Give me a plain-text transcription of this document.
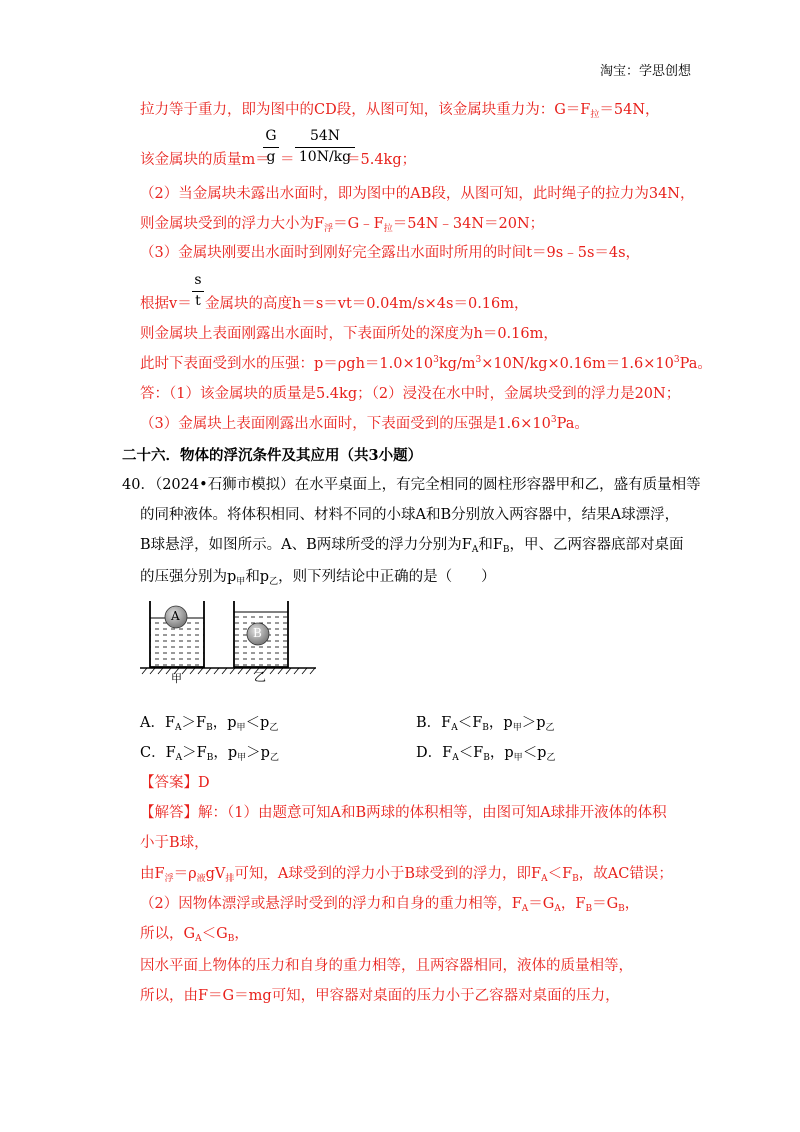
淘宝：学思创想
拉力等于重力，即为图中的CD段，从图可知，该金属块重力为：$G=F_拉=54N$，
该金属块的质量m＝
G
g ＝
54N
10N/kg
＝5.4kg；
（2）当金属块未露出水面时，即为图中的AB段，从图可知，此时绳子的拉力为34N，
则金属块受到的浮力大小为$F_浮=G﹣F_拉=54N﹣34N=20N$；
（3）金属块刚要出水面时到刚好完全露出水面时所用的时间t＝9s﹣5s＝4s，
根据v＝
s
t 金属块的高度h＝s＝vt＝0.04m/s×4s＝0.16m，
则金属块上表面刚露出水面时，下表面所处的深度为h＝0.16m，
此时下表面受到水的压强：$p=\rho gh=1.0\times 10^3kg/m^3\times 10N/kg\times 0.16m=1.6\times 10^3Pa$。
答：（1）该金属块的质量是5.4kg；（2）浸没在水中时，金属块受到的浮力是20N；
（3）金属块上表面刚露出水面时，下表面受到的压强是$1.6\times 10^3Pa$。
二十六．物体的浮沉条件及其应用（共3小题）
40．（2024•石狮市模拟）在水平桌面上，有完全相同的圆柱形容器甲和乙，盛有质量相等
的同种液体。将体积相同、材料不同的小球A和B分别放入两容器中，结果A球漂浮，
B球悬浮，如图所示。A、B两球所受的浮力分别为$F_A$和$F_B$，甲、乙两容器底部对桌面
的压强分别为$p_甲$和$p_乙$，则下列结论中正确的是（　　）
A
B
甲	乙
A．$F_A>F_B$，$p_甲<p_乙$	B．$F_A<F_B$，$p_甲>p_乙$
C．$F_A>F_B$，$p_甲>p_乙$	D．$F_A<F_B$，$p_甲<p_乙$
【答案】D
【解答】解：（1）由题意可知A和B两球的体积相等，由图可知A球排开液体的体积
小于B球，
由$F_浮=\rho_液gV_排$可知，A球受到的浮力小于B球受到的浮力，即$F_A<F_B$，故AC错误；
（2）因物体漂浮或悬浮时受到的浮力和自身的重力相等，$F_A=G_A$，$F_B=G_B$，
所以，$G_A<G_B$，
因水平面上物体的压力和自身的重力相等，且两容器相同，液体的质量相等，
所以，由F＝G＝mg可知，甲容器对桌面的压力小于乙容器对桌面的压力，
